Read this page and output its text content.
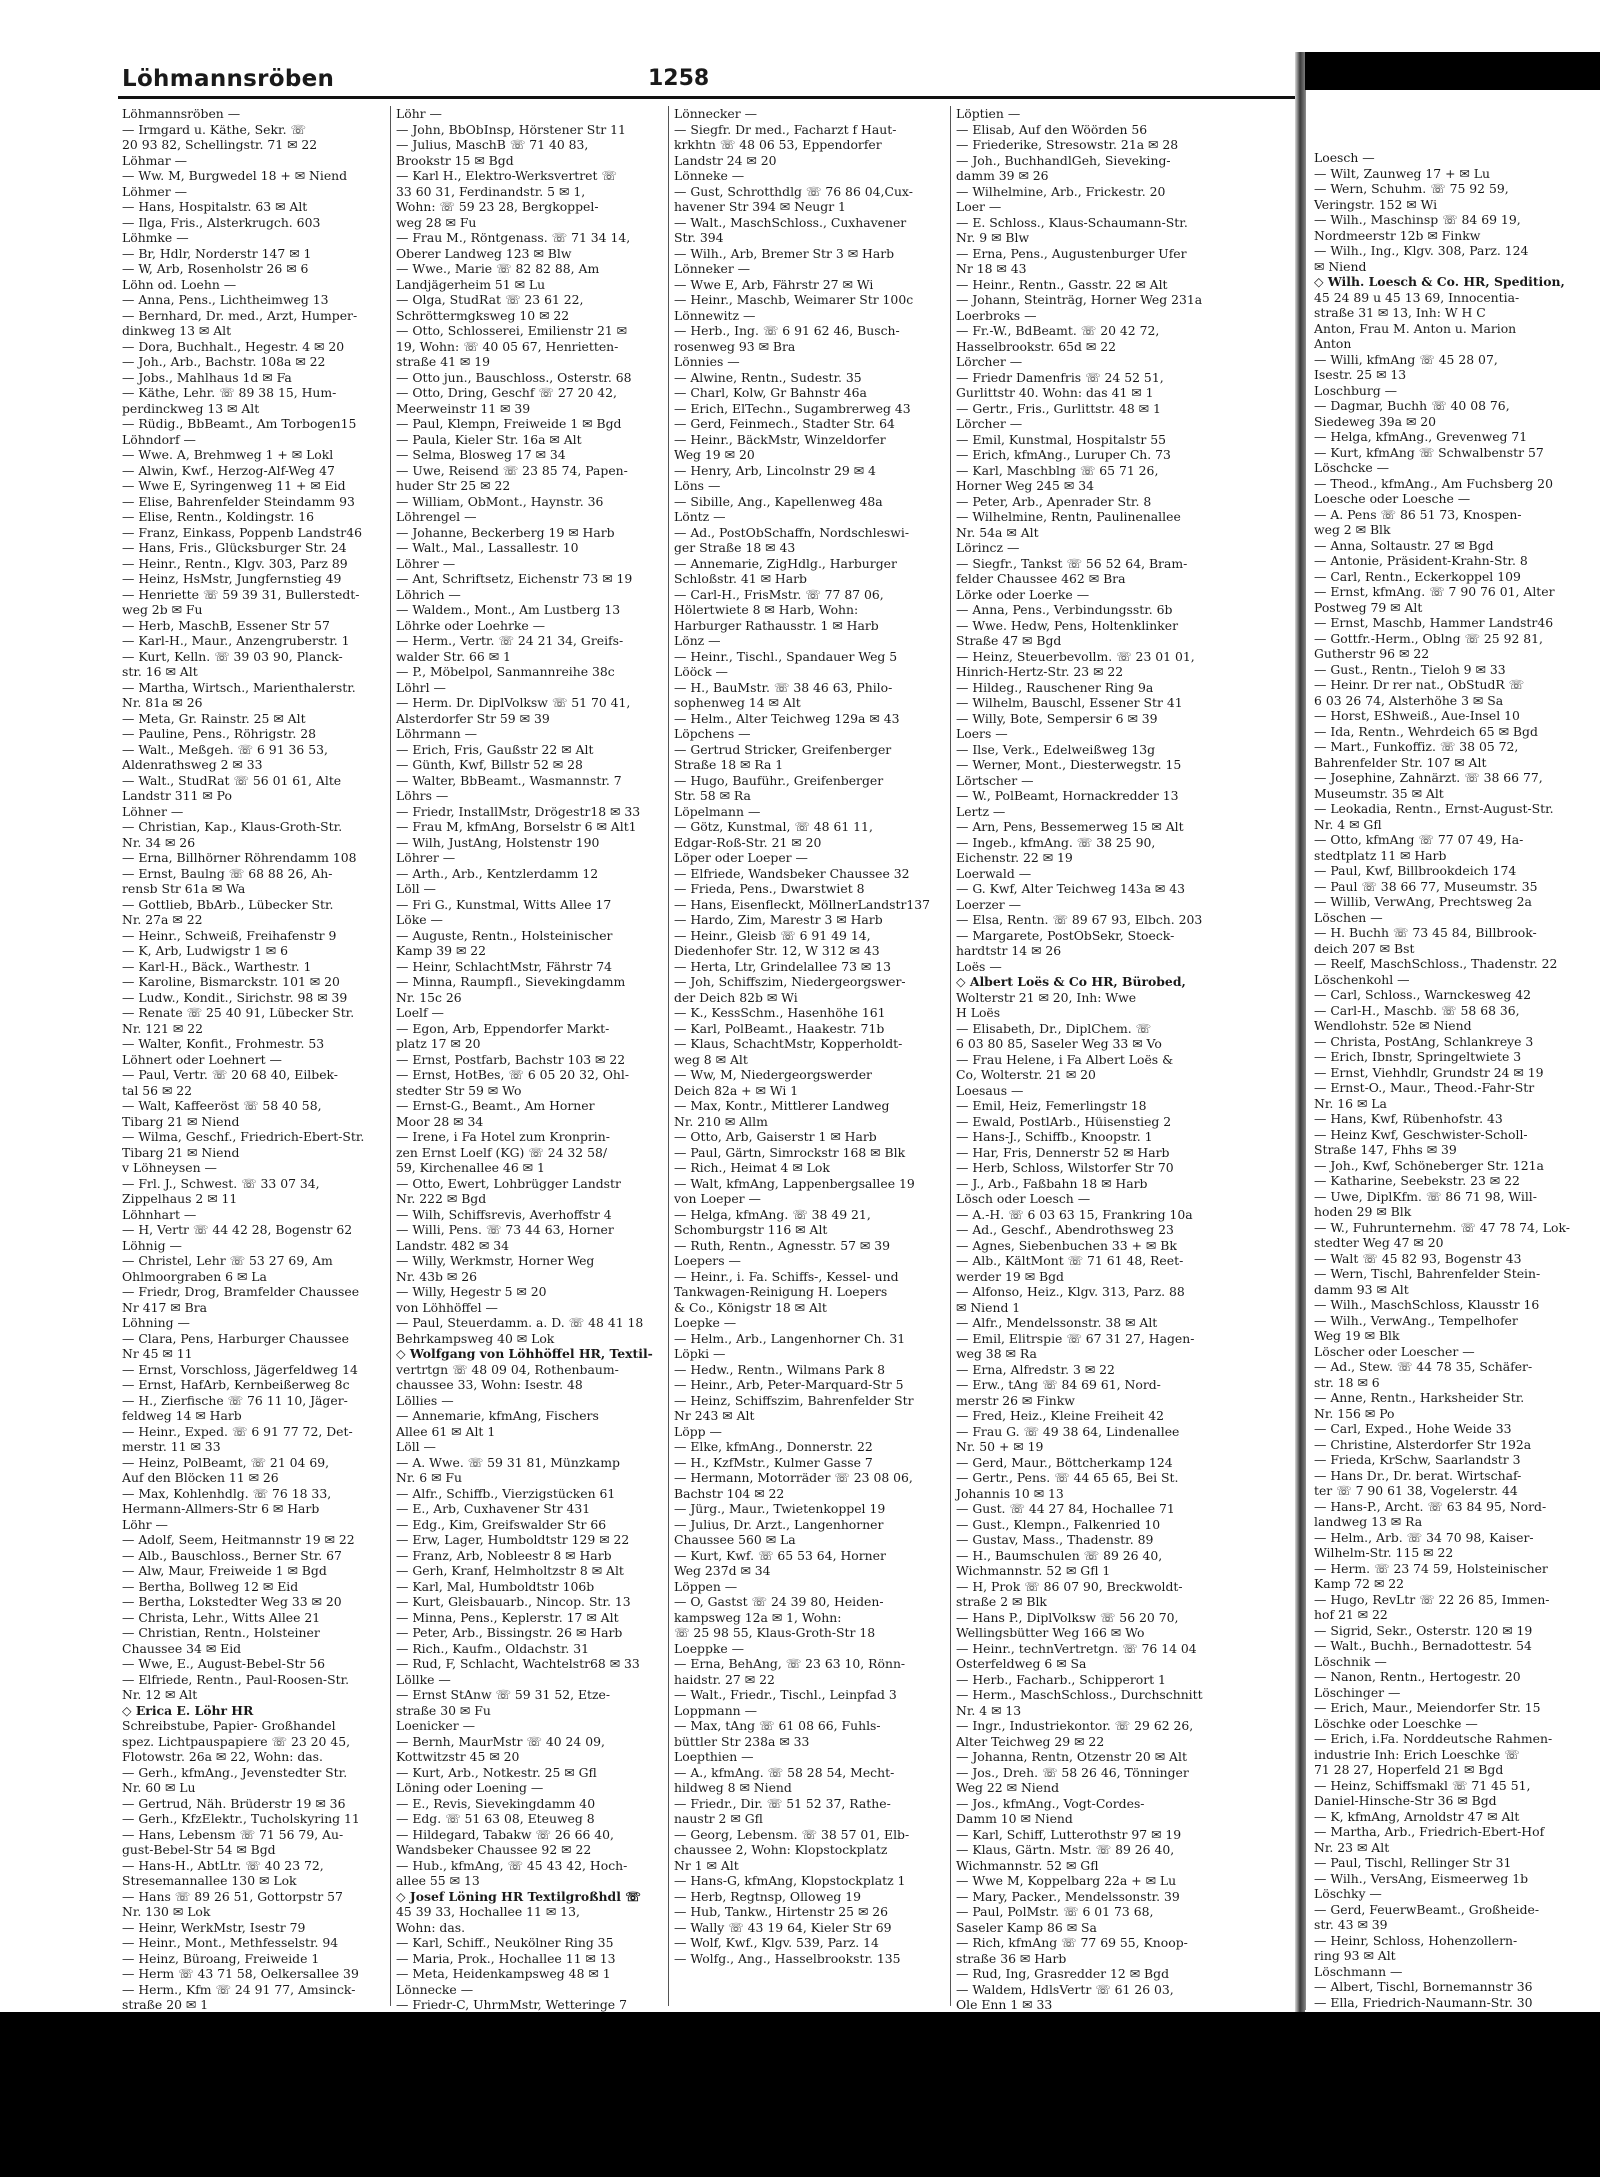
Löhmannsröben	1258
Löhmannsröben —
— Irmgard u. Käthe, Sekr. ☏
20 93 82, Schellingstr. 71 ✉ 22
Löhmar —
— Ww. M, Burgwedel 18 + ✉ Niend
Löhmer —
— Hans, Hospitalstr. 63 ✉ Alt
— Ilga, Fris., Alsterkrugch. 603
Löhmke —
— Br, Hdlr, Norderstr 147 ✉ 1
— W, Arb, Rosenholstr 26 ✉ 6
Löhn od. Loehn —
— Anna, Pens., Lichtheimweg 13
— Bernhard, Dr. med., Arzt, Humper-
dinkweg 13 ✉ Alt
— Dora, Buchhalt., Hegestr. 4 ✉ 20
— Joh., Arb., Bachstr. 108a ✉ 22
— Jobs., Mahlhaus 1d ✉ Fa
— Käthe, Lehr. ☏ 89 38 15, Hum-
perdinckweg 13 ✉ Alt
— Rüdig., BbBeamt., Am Torbogen15
Löhndorf —
— Wwe. A, Brehmweg 1 + ✉ Lokl
— Alwin, Kwf., Herzog-Alf-Weg 47
— Wwe E, Syringenweg 11 + ✉ Eid
— Elise, Bahrenfelder Steindamm 93
— Elise, Rentn., Koldingstr. 16
— Franz, Einkass, Poppenb Landstr46
— Hans, Fris., Glücksburger Str. 24
— Heinr., Rentn., Klgv. 303, Parz 89
— Heinz, HsMstr, Jungfernstieg 49
— Henriette ☏ 59 39 31, Bullerstedt-
weg 2b ✉ Fu
— Herb, MaschB, Essener Str 57
— Karl-H., Maur., Anzengruberstr. 1
— Kurt, Kelln. ☏ 39 03 90, Planck-
str. 16 ✉ Alt
— Martha, Wirtsch., Marienthalerstr.
Nr. 81a ✉ 26
— Meta, Gr. Rainstr. 25 ✉ Alt
— Pauline, Pens., Röhrigstr. 28
— Walt., Meßgeh. ☏ 6 91 36 53,
Aldenrathsweg 2 ✉ 33
— Walt., StudRat ☏ 56 01 61, Alte
Landstr 311 ✉ Po
Löhner —
— Christian, Kap., Klaus-Groth-Str.
Nr. 34 ✉ 26
— Erna, Billhörner Röhrendamm 108
— Ernst, Baulng ☏ 68 88 26, Ah-
rensb Str 61a ✉ Wa
— Gottlieb, BbArb., Lübecker Str.
Nr. 27a ✉ 22
— Heinr., Schweiß, Freihafenstr 9
— K, Arb, Ludwigstr 1 ✉ 6
— Karl-H., Bäck., Warthestr. 1
— Karoline, Bismarckstr. 101 ✉ 20
— Ludw., Kondit., Sirichstr. 98 ✉ 39
— Renate ☏ 25 40 91, Lübecker Str.
Nr. 121 ✉ 22
— Walter, Konfit., Frohmestr. 53
Löhnert oder Loehnert —
— Paul, Vertr. ☏ 20 68 40, Eilbek-
tal 56 ✉ 22
— Walt, Kaffeeröst ☏ 58 40 58,
Tibarg 21 ✉ Niend
— Wilma, Geschf., Friedrich-Ebert-Str.
Tibarg 21 ✉ Niend
v Löhneysen —
— Frl. J., Schwest. ☏ 33 07 34,
Zippelhaus 2 ✉ 11
Löhnhart —
— H, Vertr ☏ 44 42 28, Bogenstr 62
Löhnig —
— Christel, Lehr ☏ 53 27 69, Am
Ohlmoorgraben 6 ✉ La
— Friedr, Drog, Bramfelder Chaussee
Nr 417 ✉ Bra
Löhning —
— Clara, Pens, Harburger Chaussee
Nr 45 ✉ 11
— Ernst, Vorschloss, Jägerfeldweg 14
— Ernst, HafArb, Kernbeißerweg 8c
— H., Zierfische ☏ 76 11 10, Jäger-
feldweg 14 ✉ Harb
— Heinr., Exped. ☏ 6 91 77 72, Det-
merstr. 11 ✉ 33
— Heinz, PolBeamt, ☏ 21 04 69,
Auf den Blöcken 11 ✉ 26
— Max, Kohlenhdlg. ☏ 76 18 33,
Hermann-Allmers-Str 6 ✉ Harb
Löhr —
— Adolf, Seem, Heitmannstr 19 ✉ 22
— Alb., Bauschloss., Berner Str. 67
— Alw, Maur, Freiweide 1 ✉ Bgd
— Bertha, Bollweg 12 ✉ Eid
— Bertha, Lokstedter Weg 33 ✉ 20
— Christa, Lehr., Witts Allee 21
— Christian, Rentn., Holsteiner
Chaussee 34 ✉ Eid
— Wwe, E., August-Bebel-Str 56
— Elfriede, Rentn., Paul-Roosen-Str.
Nr. 12 ✉ Alt
◇ Erica E. Löhr HR
Schreibstube, Papier- Großhandel
spez. Lichtpauspapiere ☏ 23 20 45,
Flotowstr. 26a ✉ 22, Wohn: das.
— Gerh., kfmAng., Jevenstedter Str.
Nr. 60 ✉ Lu
— Gertrud, Näh. Brüderstr 19 ✉ 36
— Gerh., KfzElektr., Tucholskyring 11
— Hans, Lebensm ☏ 71 56 79, Au-
gust-Bebel-Str 54 ✉ Bgd
— Hans-H., AbtLtr. ☏ 40 23 72,
Stresemannallee 130 ✉ Lok
— Hans ☏ 89 26 51, Gottorpstr 57
Nr. 130 ✉ Lok
— Heinr, WerkMstr, Isestr 79
— Heinr., Mont., Methfesselstr. 94
— Heinz, Büroang, Freiweide 1
— Herm ☏ 43 71 58, Oelkersallee 39
— Herm., Kfm ☏ 24 91 77, Amsinck-
straße 20 ✉ 1
Löhr —
— John, BbObInsp, Hörstener Str 11
— Julius, MaschB ☏ 71 40 83,
Brookstr 15 ✉ Bgd
— Karl H., Elektro-Werksvertret ☏
33 60 31, Ferdinandstr. 5 ✉ 1,
Wohn: ☏ 59 23 28, Bergkoppel-
weg 28 ✉ Fu
— Frau M., Röntgenass. ☏ 71 34 14,
Oberer Landweg 123 ✉ Blw
— Wwe., Marie ☏ 82 82 88, Am
Landjägerheim 51 ✉ Lu
— Olga, StudRat ☏ 23 61 22,
Schröttermgksweg 10 ✉ 22
— Otto, Schlosserei, Emilienstr 21 ✉
19, Wohn: ☏ 40 05 67, Henrietten-
straße 41 ✉ 19
— Otto jun., Bauschloss., Osterstr. 68
— Otto, Dring, Geschf ☏ 27 20 42,
Meerweinstr 11 ✉ 39
— Paul, Klempn, Freiweide 1 ✉ Bgd
— Paula, Kieler Str. 16a ✉ Alt
— Selma, Blosweg 17 ✉ 34
— Uwe, Reisend ☏ 23 85 74, Papen-
huder Str 25 ✉ 22
— William, ObMont., Haynstr. 36
Löhrengel —
— Johanne, Beckerberg 19 ✉ Harb
— Walt., Mal., Lassallestr. 10
Löhrer —
— Ant, Schriftsetz, Eichenstr 73 ✉ 19
Löhrich —
— Waldem., Mont., Am Lustberg 13
Löhrke oder Loehrke —
— Herm., Vertr. ☏ 24 21 34, Greifs-
walder Str. 66 ✉ 1
— P., Möbelpol, Sanmannreihe 38c
Löhrl —
— Herm. Dr. DiplVolksw ☏ 51 70 41,
Alsterdorfer Str 59 ✉ 39
Löhrmann —
— Erich, Fris, Gaußstr 22 ✉ Alt
— Günth, Kwf, Billstr 52 ✉ 28
— Walter, BbBeamt., Wasmannstr. 7
Löhrs —
— Friedr, InstallMstr, Drögestr18 ✉ 33
— Frau M, kfmAng, Borselstr 6 ✉ Alt1
— Wilh, JustAng, Holstenstr 190
Löhrer —
— Arth., Arb., Kentzlerdamm 12
Löll —
— Fri G., Kunstmal, Witts Allee 17
Löke —
— Auguste, Rentn., Holsteinischer
Kamp 39 ✉ 22
— Heinr, SchlachtMstr, Fährstr 74
— Minna, Raumpfl., Sievekingdamm
Nr. 15c 26
Loelf —
— Egon, Arb, Eppendorfer Markt-
platz 17 ✉ 20
— Ernst, Postfarb, Bachstr 103 ✉ 22
— Ernst, HotBes, ☏ 6 05 20 32, Ohl-
stedter Str 59 ✉ Wo
— Ernst-G., Beamt., Am Horner
Moor 28 ✉ 34
— Irene, i Fa Hotel zum Kronprin-
zen Ernst Loelf (KG) ☏ 24 32 58/
59, Kirchenallee 46 ✉ 1
— Otto, Ewert, Lohbrügger Landstr
Nr. 222 ✉ Bgd
— Wilh, Schiffsrevis, Averhoffstr 4
— Willi, Pens. ☏ 73 44 63, Horner
Landstr. 482 ✉ 34
— Willy, Werkmstr, Horner Weg
Nr. 43b ✉ 26
— Willy, Hegestr 5 ✉ 20
von Löhhöffel —
— Paul, Steuerdamm. a. D. ☏ 48 41 18
Behrkampsweg 40 ✉ Lok
◇ Wolfgang von Löhhöffel HR, Textil-
vertrtgn ☏ 48 09 04, Rothenbaum-
chaussee 33, Wohn: Isestr. 48
Löllies —
— Annemarie, kfmAng, Fischers
Allee 61 ✉ Alt 1
Löll —
— A. Wwe. ☏ 59 31 81, Münzkamp
Nr. 6 ✉ Fu
— Alfr., Schiffb., Vierzigstücken 61
— E., Arb, Cuxhavener Str 431
— Edg., Kim, Greifswalder Str 66
— Erw, Lager, Humboldtstr 129 ✉ 22
— Franz, Arb, Nobleestr 8 ✉ Harb
— Gerh, Kranf, Helmholtzstr 8 ✉ Alt
— Karl, Mal, Humboldtstr 106b
— Kurt, Gleisbauarb., Nincop. Str. 13
— Minna, Pens., Keplerstr. 17 ✉ Alt
— Peter, Arb., Bissingstr. 26 ✉ Harb
— Rich., Kaufm., Oldachstr. 31
— Rud, F, Schlacht, Wachtelstr68 ✉ 33
Löllke —
— Ernst StAnw ☏ 59 31 52, Etze-
straße 30 ✉ Fu
Loenicker —
— Bernh, MaurMstr ☏ 40 24 09,
Kottwitzstr 45 ✉ 20
— Kurt, Arb., Notkestr. 25 ✉ Gfl
Löning oder Loening —
— E., Revis, Sievekingdamm 40
— Edg. ☏ 51 63 08, Eteuweg 8
— Hildegard, Tabakw ☏ 26 66 40,
Wandsbeker Chaussee 92 ✉ 22
— Hub., kfmAng, ☏ 45 43 42, Hoch-
allee 55 ✉ 13
◇ Josef Löning HR Textilgroßhdl ☏
45 39 33, Hochallee 11 ✉ 13,
Wohn: das.
— Karl, Schiff., Neukölner Ring 35
— Maria, Prok., Hochallee 11 ✉ 13
— Meta, Heidenkampsweg 48 ✉ 1
Lönnecke —
— Friedr-C, UhrmMstr, Wetteringe 7
Lönnecker —
— Siegfr. Dr med., Facharzt f Haut-
krkhtn ☏ 48 06 53, Eppendorfer
Landstr 24 ✉ 20
Lönneke —
— Gust, Schrotthdlg ☏ 76 86 04,Cux-
havener Str 394 ✉ Neugr 1
— Walt., MaschSchloss., Cuxhavener
Str. 394
— Wilh., Arb, Bremer Str 3 ✉ Harb
Lönneker —
— Wwe E, Arb, Fährstr 27 ✉ Wi
— Heinr., Maschb, Weimarer Str 100c
Lönnewitz —
— Herb., Ing. ☏ 6 91 62 46, Busch-
rosenweg 93 ✉ Bra
Lönnies —
— Alwine, Rentn., Sudestr. 35
— Charl, Kolw, Gr Bahnstr 46a
— Erich, ElTechn., Sugambrerweg 43
— Gerd, Feinmech., Stadter Str. 64
— Heinr., BäckMstr, Winzeldorfer
Weg 19 ✉ 20
— Henry, Arb, Lincolnstr 29 ✉ 4
Löns —
— Sibille, Ang., Kapellenweg 48a
Löntz —
— Ad., PostObSchaffn, Nordschleswi-
ger Straße 18 ✉ 43
— Annemarie, ZigHdlg., Harburger
Schloßstr. 41 ✉ Harb
— Carl-H., FrisMstr. ☏ 77 87 06,
Hölertwiete 8 ✉ Harb, Wohn:
Harburger Rathausstr. 1 ✉ Harb
Lönz —
— Heinr., Tischl., Spandauer Weg 5
Lööck —
— H., BauMstr. ☏ 38 46 63, Philo-
sophenweg 14 ✉ Alt
— Helm., Alter Teichweg 129a ✉ 43
Löpchens —
— Gertrud Stricker, Greifenberger
Straße 18 ✉ Ra 1
— Hugo, Bauführ., Greifenberger
Str. 58 ✉ Ra
Löpelmann —
— Götz, Kunstmal, ☏ 48 61 11,
Edgar-Roß-Str. 21 ✉ 20
Löper oder Loeper —
— Elfriede, Wandsbeker Chaussee 32
— Frieda, Pens., Dwarstwiet 8
— Hans, Eisenfleckt, MöllnerLandstr137
— Hardo, Zim, Marestr 3 ✉ Harb
— Heinr., Gleisb ☏ 6 91 49 14,
Diedenhofer Str. 12, W 312 ✉ 43
— Herta, Ltr, Grindelallee 73 ✉ 13
— Joh, Schiffszim, Niedergeorgswer-
der Deich 82b ✉ Wi
— K., KessSchm., Hasenhöhe 161
— Karl, PolBeamt., Haakestr. 71b
— Klaus, SchachtMstr, Kopperholdt-
weg 8 ✉ Alt
— Ww, M, Niedergeorgswerder
Deich 82a + ✉ Wi 1
— Max, Kontr., Mittlerer Landweg
Nr. 210 ✉ Allm
— Otto, Arb, Gaiserstr 1 ✉ Harb
— Paul, Gärtn, Simrockstr 168 ✉ Blk
— Rich., Heimat 4 ✉ Lok
— Walt, kfmAng, Lappenbergsallee 19
von Loeper —
— Helga, kfmAng. ☏ 38 49 21,
Schomburgstr 116 ✉ Alt
— Ruth, Rentn., Agnesstr. 57 ✉ 39
Loepers —
— Heinr., i. Fa. Schiffs-, Kessel- und
Tankwagen-Reinigung H. Loepers
& Co., Königstr 18 ✉ Alt
Loepke —
— Helm., Arb., Langenhorner Ch. 31
Löpki —
— Hedw., Rentn., Wilmans Park 8
— Heinr., Arb, Peter-Marquard-Str 5
— Heinz, Schiffszim, Bahrenfelder Str
Nr 243 ✉ Alt
Löpp —
— Elke, kfmAng., Donnerstr. 22
— H., KzfMstr., Kulmer Gasse 7
— Hermann, Motorräder ☏ 23 08 06,
Bachstr 104 ✉ 22
— Jürg., Maur., Twietenkoppel 19
— Julius, Dr. Arzt., Langenhorner
Chaussee 560 ✉ La
— Kurt, Kwf. ☏ 65 53 64, Horner
Weg 237d ✉ 34
Löppen —
— O, Gastst ☏ 24 39 80, Heiden-
kampsweg 12a ✉ 1, Wohn:
☏ 25 98 55, Klaus-Groth-Str 18
Loeppke —
— Erna, BehAng, ☏ 23 63 10, Rönn-
haidstr. 27 ✉ 22
— Walt., Friedr., Tischl., Leinpfad 3
Loppmann —
— Max, tAng ☏ 61 08 66, Fuhls-
büttler Str 238a ✉ 33
Loepthien —
— A., kfmAng. ☏ 58 28 54, Mecht-
hildweg 8 ✉ Niend
— Friedr., Dir. ☏ 51 52 37, Rathe-
naustr 2 ✉ Gfl
— Georg, Lebensm. ☏ 38 57 01, Elb-
chaussee 2, Wohn: Klopstockplatz
Nr 1 ✉ Alt
— Hans-G, kfmAng, Klopstockplatz 1
— Herb, Regtnsp, Olloweg 19
— Hub, Tankw., Hirtenstr 25 ✉ 26
— Wally ☏ 43 19 64, Kieler Str 69
— Wolf, Kwf., Klgv. 539, Parz. 14
— Wolfg., Ang., Hasselbrookstr. 135
Löptien —
— Elisab, Auf den Wöörden 56
— Friederike, Stresowstr. 21a ✉ 28
— Joh., BuchhandlGeh, Sieveking-
damm 39 ✉ 26
— Wilhelmine, Arb., Frickestr. 20
Loer —
— E. Schloss., Klaus-Schaumann-Str.
Nr. 9 ✉ Blw
— Erna, Pens., Augustenburger Ufer
Nr 18 ✉ 43
— Heinr., Rentn., Gasstr. 22 ✉ Alt
— Johann, Steinträg, Horner Weg 231a
Loerbroks —
— Fr.-W., BdBeamt. ☏ 20 42 72,
Hasselbrookstr. 65d ✉ 22
Lörcher —
— Friedr Damenfris ☏ 24 52 51,
Gurlittstr 40. Wohn: das 41 ✉ 1
— Gertr., Fris., Gurlittstr. 48 ✉ 1
Lörcher —
— Emil, Kunstmal, Hospitalstr 55
— Erich, kfmAng., Luruper Ch. 73
— Karl, Maschblng ☏ 65 71 26,
Horner Weg 245 ✉ 34
— Peter, Arb., Apenrader Str. 8
— Wilhelmine, Rentn, Paulinenallee
Nr. 54a ✉ Alt
Lörincz —
— Siegfr., Tankst ☏ 56 52 64, Bram-
felder Chaussee 462 ✉ Bra
Lörke oder Loerke —
— Anna, Pens., Verbindungsstr. 6b
— Wwe. Hedw, Pens, Holtenklinker
Straße 47 ✉ Bgd
— Heinz, Steuerbevollm. ☏ 23 01 01,
Hinrich-Hertz-Str. 23 ✉ 22
— Hildeg., Rauschener Ring 9a
— Wilhelm, Bauschl, Essener Str 41
— Willy, Bote, Sempersir 6 ✉ 39
Loers —
— Ilse, Verk., Edelweißweg 13g
— Werner, Mont., Diesterwegstr. 15
Lörtscher —
— W., PolBeamt, Hornackredder 13
Lertz —
— Arn, Pens, Bessemerweg 15 ✉ Alt
— Ingeb., kfmAng. ☏ 38 25 90,
Eichenstr. 22 ✉ 19
Loerwald —
— G. Kwf, Alter Teichweg 143a ✉ 43
Loerzer —
— Elsa, Rentn. ☏ 89 67 93, Elbch. 203
— Margarete, PostObSekr, Stoeck-
hardtstr 14 ✉ 26
Loës —
◇ Albert Loës & Co HR, Bürobed,
Wolterstr 21 ✉ 20, Inh: Wwe
H Loës
— Elisabeth, Dr., DiplChem. ☏
6 03 80 85, Saseler Weg 33 ✉ Vo
— Frau Helene, i Fa Albert Loës &
Co, Wolterstr. 21 ✉ 20
Loesaus —
— Emil, Heiz, Femerlingstr 18
— Ewald, PostlArb., Hüisenstieg 2
— Hans-J., Schiffb., Knoopstr. 1
— Har, Fris, Dennerstr 52 ✉ Harb
— Herb, Schloss, Wilstorfer Str 70
— J., Arb., Faßbahn 18 ✉ Harb
Lösch oder Loesch —
— A.-H. ☏ 6 03 63 15, Frankring 10a
— Ad., Geschf., Abendrothsweg 23
— Agnes, Siebenbuchen 33 + ✉ Bk
— Alb., KältMont ☏ 71 61 48, Reet-
werder 19 ✉ Bgd
— Alfonso, Heiz., Klgv. 313, Parz. 88
✉ Niend 1
— Alfr., Mendelssonstr. 38 ✉ Alt
— Emil, Elitrspie ☏ 67 31 27, Hagen-
weg 38 ✉ Ra
— Erna, Alfredstr. 3 ✉ 22
— Erw., tAng ☏ 84 69 61, Nord-
merstr 26 ✉ Finkw
— Fred, Heiz., Kleine Freiheit 42
— Frau G. ☏ 49 38 64, Lindenallee
Nr. 50 + ✉ 19
— Gerd, Maur., Böttcherkamp 124
— Gertr., Pens. ☏ 44 65 65, Bei St.
Johannis 10 ✉ 13
— Gust. ☏ 44 27 84, Hochallee 71
— Gust., Klempn., Falkenried 10
— Gustav, Mass., Thadenstr. 89
— H., Baumschulen ☏ 89 26 40,
Wichmannstr. 52 ✉ Gfl 1
— H, Prok ☏ 86 07 90, Breckwoldt-
straße 2 ✉ Blk
— Hans P., DiplVolksw ☏ 56 20 70,
Wellingsbütter Weg 166 ✉ Wo
— Heinr., technVertretgn. ☏ 76 14 04
Osterfeldweg 6 ✉ Sa
— Herb., Facharb., Schipperort 1
— Herm., MaschSchloss., Durchschnitt
Nr. 4 ✉ 13
— Ingr., Industriekontor. ☏ 29 62 26,
Alter Teichweg 29 ✉ 22
— Johanna, Rentn, Otzenstr 20 ✉ Alt
— Jos., Dreh. ☏ 58 26 46, Tönninger
Weg 22 ✉ Niend
— Jos., kfmAng., Vogt-Cordes-
Damm 10 ✉ Niend
— Karl, Schiff, Lutterothstr 97 ✉ 19
— Klaus, Gärtn. Mstr. ☏ 89 26 40,
Wichmannstr. 52 ✉ Gfl
— Wwe M, Koppelbarg 22a + ✉ Lu
— Mary, Packer., Mendelssonstr. 39
— Paul, PolMstr. ☏ 6 01 73 68,
Saseler Kamp 86 ✉ Sa
— Rich, kfmAng ☏ 77 69 55, Knoop-
straße 36 ✉ Harb
— Rud, Ing, Grasredder 12 ✉ Bgd
— Waldem, HdlsVertr ☏ 61 26 03,
Ole Enn 1 ✉ 33
Loesch —
— Wilt, Zaunweg 17 + ✉ Lu
— Wern, Schuhm. ☏ 75 92 59,
Veringstr. 152 ✉ Wi
— Wilh., Maschinsp ☏ 84 69 19,
Nordmeerstr 12b ✉ Finkw
— Wilh., Ing., Klgv. 308, Parz. 124
✉ Niend
◇ Wilh. Loesch & Co. HR, Spedition,
45 24 89 u 45 13 69, Innocentia-
straße 31 ✉ 13, Inh: W H C
Anton, Frau M. Anton u. Marion
Anton
— Willi, kfmAng ☏ 45 28 07,
Isestr. 25 ✉ 13
Loschburg —
— Dagmar, Buchh ☏ 40 08 76,
Siedeweg 39a ✉ 20
— Helga, kfmAng., Grevenweg 71
— Kurt, kfmAng ☏ Schwalbenstr 57
Löschcke —
— Theod., kfmAng., Am Fuchsberg 20
Loesche oder Loesche —
— A. Pens ☏ 86 51 73, Knospen-
weg 2 ✉ Blk
— Anna, Soltaustr. 27 ✉ Bgd
— Antonie, Präsident-Krahn-Str. 8
— Carl, Rentn., Eckerkoppel 109
— Ernst, kfmAng. ☏ 7 90 76 01, Alter
Postweg 79 ✉ Alt
— Ernst, Maschb, Hammer Landstr46
— Gottfr.-Herm., Oblng ☏ 25 92 81,
Gutherstr 96 ✉ 22
— Gust., Rentn., Tieloh 9 ✉ 33
— Heinr. Dr rer nat., ObStudR ☏
6 03 26 74, Alsterhöhe 3 ✉ Sa
— Horst, EShweiß., Aue-Insel 10
— Ida, Rentn., Wehrdeich 65 ✉ Bgd
— Mart., Funkoffiz. ☏ 38 05 72,
Bahrenfelder Str. 107 ✉ Alt
— Josephine, Zahnärzt. ☏ 38 66 77,
Museumstr. 35 ✉ Alt
— Leokadia, Rentn., Ernst-August-Str.
Nr. 4 ✉ Gfl
— Otto, kfmAng ☏ 77 07 49, Ha-
stedtplatz 11 ✉ Harb
— Paul, Kwf, Billbrookdeich 174
— Paul ☏ 38 66 77, Museumstr. 35
— Willib, VerwAng, Prechtsweg 2a
Löschen —
— H. Buchh ☏ 73 45 84, Billbrook-
deich 207 ✉ Bst
— Reelf, MaschSchloss., Thadenstr. 22
Löschenkohl —
— Carl, Schloss., Warnckesweg 42
— Carl-H., Maschb. ☏ 58 68 36,
Wendlohstr. 52e ✉ Niend
— Christa, PostAng, Schlankreye 3
— Erich, Ibnstr, Springeltwiete 3
— Ernst, Viehhdlr, Grundstr 24 ✉ 19
— Ernst-O., Maur., Theod.-Fahr-Str
Nr. 16 ✉ La
— Hans, Kwf, Rübenhofstr. 43
— Heinz Kwf, Geschwister-Scholl-
Straße 147, Fhhs ✉ 39
— Joh., Kwf, Schöneberger Str. 121a
— Katharine, Seebekstr. 23 ✉ 22
— Uwe, DiplKfm. ☏ 86 71 98, Will-
hoden 29 ✉ Blk
— W., Fuhrunternehm. ☏ 47 78 74, Lok-
stedter Weg 47 ✉ 20
— Walt ☏ 45 82 93, Bogenstr 43
— Wern, Tischl, Bahrenfelder Stein-
damm 93 ✉ Alt
— Wilh., MaschSchloss, Klausstr 16
— Wilh., VerwAng., Tempelhofer
Weg 19 ✉ Blk
Löscher oder Loescher —
— Ad., Stew. ☏ 44 78 35, Schäfer-
str. 18 ✉ 6
— Anne, Rentn., Harksheider Str.
Nr. 156 ✉ Po
— Carl, Exped., Hohe Weide 33
— Christine, Alsterdorfer Str 192a
— Frieda, KrSchw, Saarlandstr 3
— Hans Dr., Dr. berat. Wirtschaf-
ter ☏ 7 90 61 38, Vogelerstr. 44
— Hans-P., Archt. ☏ 63 84 95, Nord-
landweg 13 ✉ Ra
— Helm., Arb. ☏ 34 70 98, Kaiser-
Wilhelm-Str. 115 ✉ 22
— Herm. ☏ 23 74 59, Holsteinischer
Kamp 72 ✉ 22
— Hugo, RevLtr ☏ 22 26 85, Immen-
hof 21 ✉ 22
— Sigrid, Sekr., Osterstr. 120 ✉ 19
— Walt., Buchh., Bernadottestr. 54
Löschnik —
— Nanon, Rentn., Hertogestr. 20
Löschinger —
— Erich, Maur., Meiendorfer Str. 15
Löschke oder Loeschke —
— Erich, i.Fa. Norddeutsche Rahmen-
industrie Inh: Erich Loeschke ☏
71 28 27, Hoperfeld 21 ✉ Bgd
— Heinz, Schiffsmakl ☏ 71 45 51,
Daniel-Hinsche-Str 36 ✉ Bgd
— K, kfmAng, Arnoldstr 47 ✉ Alt
— Martha, Arb., Friedrich-Ebert-Hof
Nr. 23 ✉ Alt
— Paul, Tischl, Rellinger Str 31
— Wilh., VersAng, Eismeerweg 1b
Löschky —
— Gerd, FeuerwBeamt., Großheide-
str. 43 ✉ 39
— Heinr, Schloss, Hohenzollern-
ring 93 ✉ Alt
Löschmann —
— Albert, Tischl, Bornemannstr 36
— Ella, Friedrich-Naumann-Str. 30
